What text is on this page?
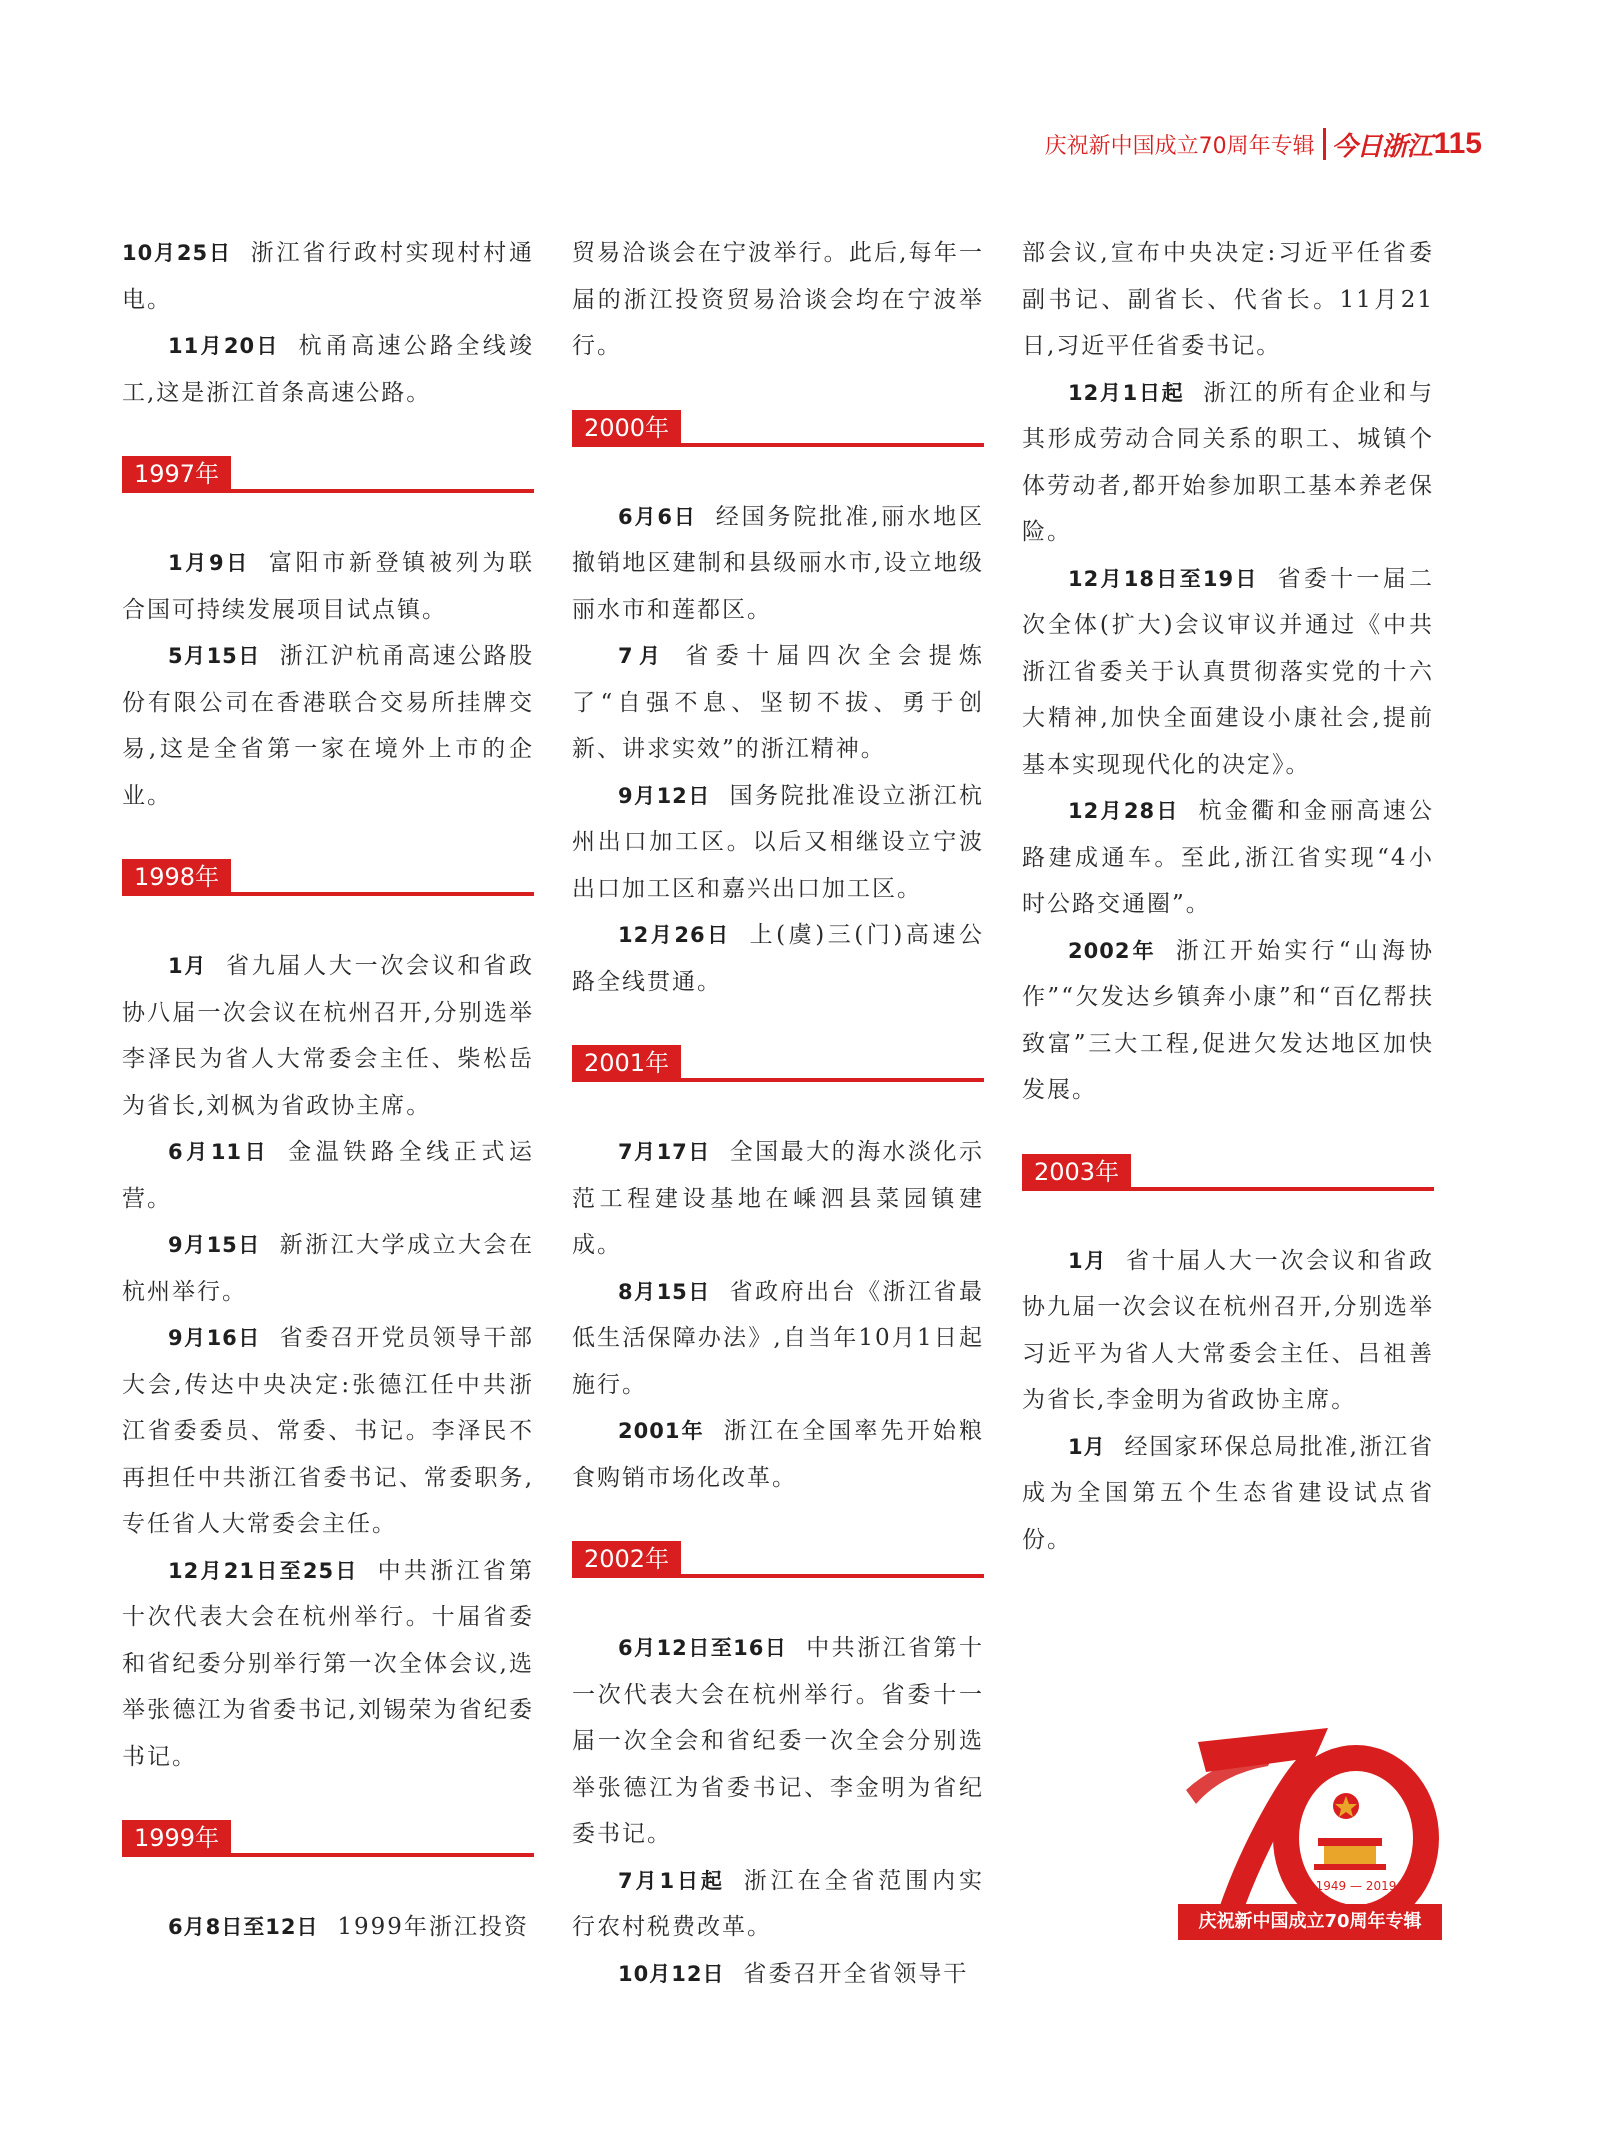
庆祝新中国成立70周年专辑 今日浙江 115

10月25日 浙江省行政村实现村村通电。

11月20日 杭甬高速公路全线竣工,这是浙江首条高速公路。

1997年

1月9日 富阳市新登镇被列为联合国可持续发展项目试点镇。

5月15日 浙江沪杭甬高速公路股份有限公司在香港联合交易所挂牌交易,这是全省第一家在境外上市的企业。

1998年

1月 省九届人大一次会议和省政协八届一次会议在杭州召开,分别选举李泽民为省人大常委会主任、柴松岳为省长,刘枫为省政协主席。

6月11日 金温铁路全线正式运营。

9月15日 新浙江大学成立大会在杭州举行。

9月16日 省委召开党员领导干部大会,传达中央决定:张德江任中共浙江省委委员、常委、书记。李泽民不再担任中共浙江省委书记、常委职务,专任省人大常委会主任。

12月21日至25日 中共浙江省第十次代表大会在杭州举行。十届省委和省纪委分别举行第一次全体会议,选举张德江为省委书记,刘锡荣为省纪委书记。

1999年

6月8日至12日 1999年浙江投资

贸易洽谈会在宁波举行。此后,每年一届的浙江投资贸易洽谈会均在宁波举行。

2000年

6月6日 经国务院批准,丽水地区撤销地区建制和县级丽水市,设立地级丽水市和莲都区。

7月 省委十届四次全会提炼了“自强不息、坚韧不拔、勇于创新、讲求实效”的浙江精神。

9月12日 国务院批准设立浙江杭州出口加工区。以后又相继设立宁波出口加工区和嘉兴出口加工区。

12月26日 上(虞)三(门)高速公路全线贯通。

2001年

7月17日 全国最大的海水淡化示范工程建设基地在嵊泗县菜园镇建成。

8月15日 省政府出台《浙江省最低生活保障办法》,自当年10月1日起施行。

2001年 浙江在全国率先开始粮食购销市场化改革。

2002年

6月12日至16日 中共浙江省第十一次代表大会在杭州举行。省委十一届一次全会和省纪委一次全会分别选举张德江为省委书记、李金明为省纪委书记。

7月1日起 浙江在全省范围内实行农村税费改革。

10月12日 省委召开全省领导干

部会议,宣布中央决定:习近平任省委副书记、副省长、代省长。11月21日,习近平任省委书记。

12月1日起 浙江的所有企业和与其形成劳动合同关系的职工、城镇个体劳动者,都开始参加职工基本养老保险。

12月18日至19日 省委十一届二次全体(扩大)会议审议并通过《中共浙江省委关于认真贯彻落实党的十六大精神,加快全面建设小康社会,提前基本实现现代化的决定》。

12月28日 杭金衢和金丽高速公路建成通车。至此,浙江省实现“4小时公路交通圈”。

2002年 浙江开始实行“山海协作”“欠发达乡镇奔小康”和“百亿帮扶致富”三大工程,促进欠发达地区加快发展。

2003年

1月 省十届人大一次会议和省政协九届一次会议在杭州召开,分别选举习近平为省人大常委会主任、吕祖善为省长,李金明为省政协主席。

1月 经国家环保总局批准,浙江省成为全国第五个生态省建设试点省份。

1949 — 2019
庆祝新中国成立70周年专辑
